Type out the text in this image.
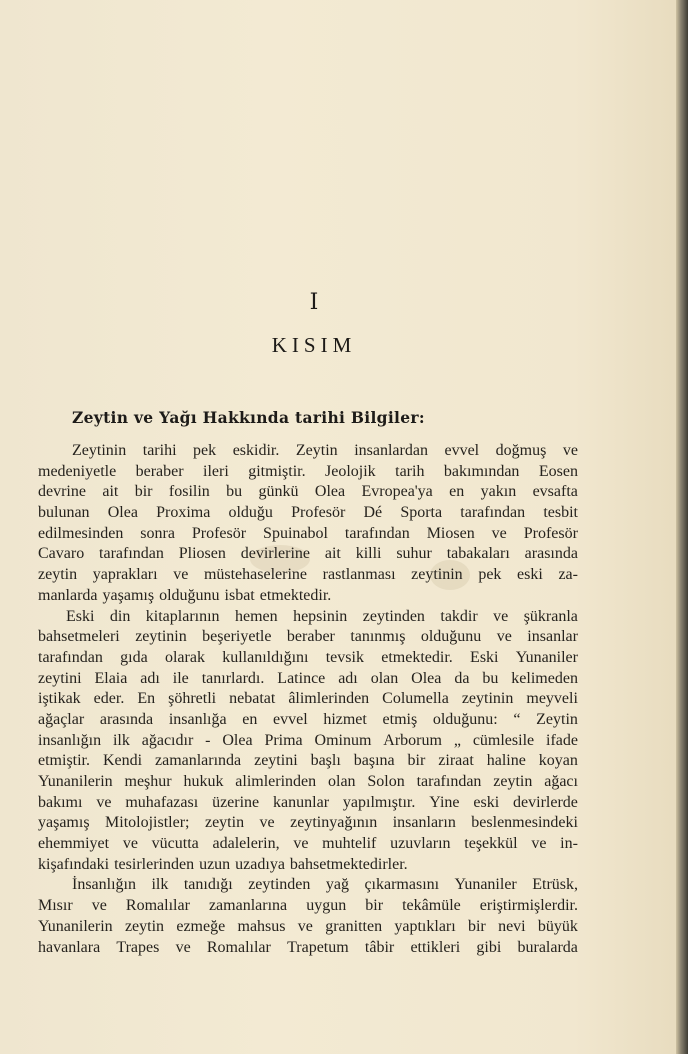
I
KISIM
Zeytin ve Yağı Hakkında tarihi Bilgiler:
Zeytinin tarihi pek eskidir. Zeytin insanlardan evvel doğmuş ve
medeniyetle beraber ileri gitmiştir. Jeolojik tarih bakımından Eosen
devrine ait bir fosilin bu günkü Olea Evropea'ya en yakın evsafta
bulunan Olea Proxima olduğu Profesör Dé Sporta tarafından tesbit
edilmesinden sonra Profesör Spuinabol tarafından Miosen ve Profesör
Cavaro tarafından Pliosen devirlerine ait killi suhur tabakaları arasında
zeytin yaprakları ve müstehaselerine rastlanması zeytinin pek eski za-
manlarda yaşamış olduğunu isbat etmektedir.
Eski din kitaplarının hemen hepsinin zeytinden takdir ve şükranla
bahsetmeleri zeytinin beşeriyetle beraber tanınmış olduğunu ve insanlar
tarafından gıda olarak kullanıldığını tevsik etmektedir. Eski Yunaniler
zeytini Elaia adı ile tanırlardı. Latince adı olan Olea da bu kelimeden
iştikak eder. En şöhretli nebatat âlimlerinden Columella zeytinin meyveli
ağaçlar arasında insanlığa en evvel hizmet etmiş olduğunu: “ Zeytin
insanlığın ilk ağacıdır - Olea Prima Ominum Arborum „ cümlesile ifade
etmiştir. Kendi zamanlarında zeytini başlı başına bir ziraat haline koyan
Yunanilerin meşhur hukuk alimlerinden olan Solon tarafından zeytin ağacı
bakımı ve muhafazası üzerine kanunlar yapılmıştır. Yine eski devirlerde
yaşamış Mitolojistler; zeytin ve zeytinyağının insanların beslenmesindeki
ehemmiyet ve vücutta adalelerin, ve muhtelif uzuvların teşekkül ve in-
kişafındaki tesirlerinden uzun uzadıya bahsetmektedirler.
İnsanlığın ilk tanıdığı zeytinden yağ çıkarmasını Yunaniler Etrüsk,
Mısır ve Romalılar zamanlarına uygun bir tekâmüle eriştirmişlerdir.
Yunanilerin zeytin ezmeğe mahsus ve granitten yaptıkları bir nevi büyük
havanlara Trapes ve Romalılar Trapetum tâbir ettikleri gibi buralarda
